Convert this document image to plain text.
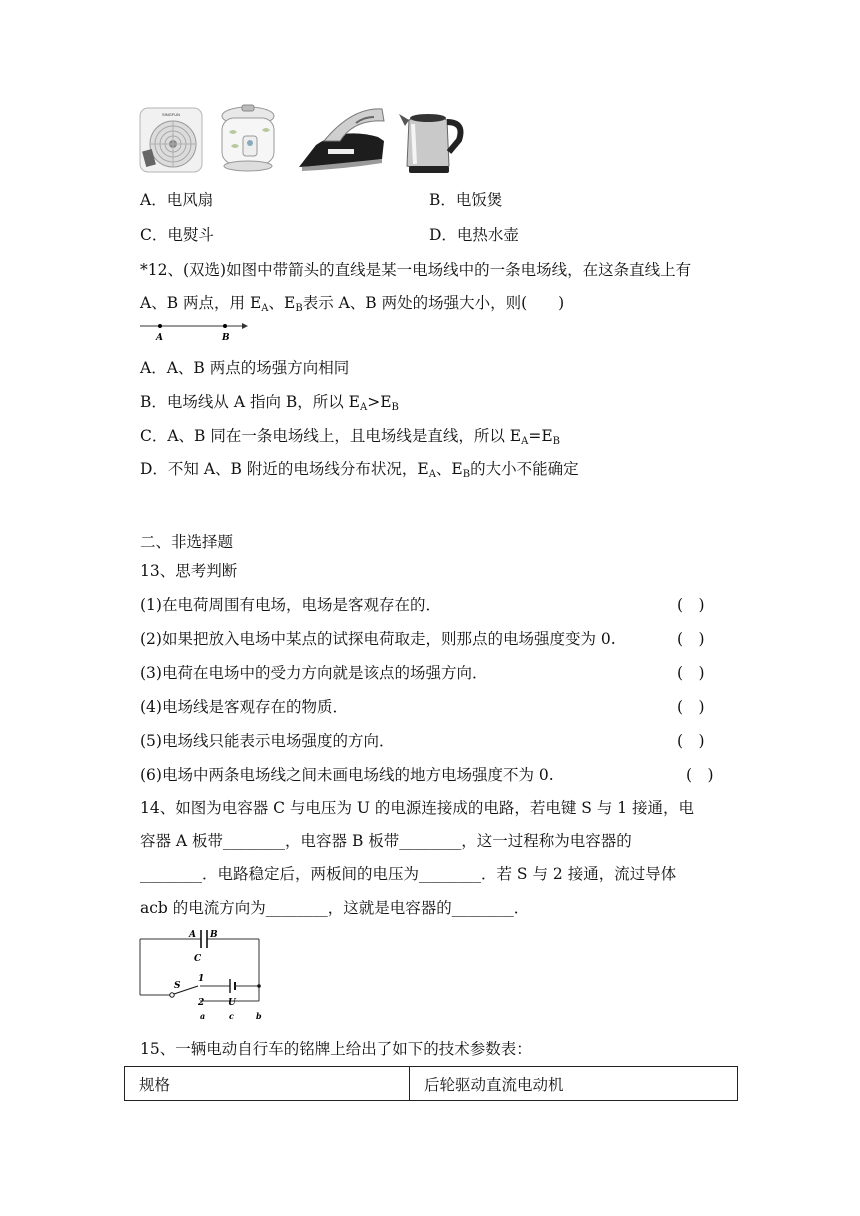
SINGFUN
A．电风扇	B．电饭煲
C．电熨斗	D．电热水壶
*12、(双选)如图中带箭头的直线是某一电场线中的一条电场线，在这条直线上有
A、B 两点，用 $E_A$、$E_B$表示 A、B 两处的场强大小，则(　　)
A	B
A．A、B 两点的场强方向相同
B．电场线从 A 指向 B，所以 $E_A>E_B$
C．A、B 同在一条电场线上，且电场线是直线，所以 $E_A=E_B$
D．不知 A、B 附近的电场线分布状况，$E_A$、$E_B$的大小不能确定
二、非选择题
13、思考判断
(1)在电荷周围有电场，电场是客观存在的．	(　)
(2)如果把放入电场中某点的试探电荷取走，则那点的电场强度变为 0.	(　)
(3)电荷在电场中的受力方向就是该点的场强方向．	(　)
(4)电场线是客观存在的物质．	(　)
(5)电场线只能表示电场强度的方向．	(　)
(6)电场中两条电场线之间未画电场线的地方电场强度不为 0.	(　)
14、如图为电容器 C 与电压为 U 的电源连接成的电路，若电键 S 与 1 接通，电
容器 A 板带________，电容器 B 板带________，这一过程称为电容器的
________．电路稳定后，两板间的电压为________．若 S 与 2 接通，流过导体
acb 的电流方向为________，这就是电容器的________．
A B
C
S
1
2	U
a	c	b
15、一辆电动自行车的铭牌上给出了如下的技术参数表：
规格	后轮驱动直流电动机
